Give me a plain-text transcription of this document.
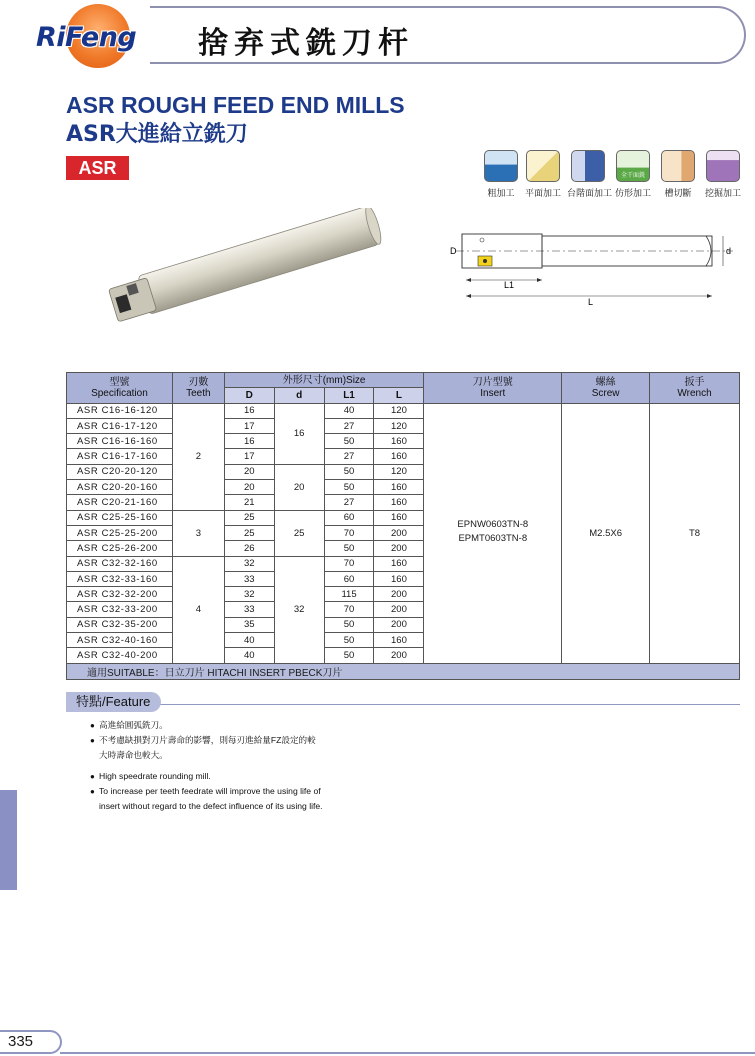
RiFeng 捨弃式銑刀杆
ASR ROUGH FEED END MILLS
ASR大進給立銑刀
ASR
粗加工	平面加工 台階面加工
全干面銑
仿形加工	槽切斷	挖掘加工
D	d
L1
L
型號
Specification	刃數
Teeth	外形尺寸(mm)Size				刀片型號
Insert	螺絲
Screw	扳手
Wrench
		D	d	L1	L			
ASR C16-16-120	2	16	16	40	120	EPNW0603TN-8
EPMT0603TN-8	M2.5X6	T8
ASR C16-17-120		17		27	120			
ASR C16-16-160		16		50	160			
ASR C16-17-160		17		27	160			
ASR C20-20-120		20	20	50	120			
ASR C20-20-160		20		50	160			
ASR C20-21-160		21		27	160			
ASR C25-25-160	3	25	25	60	160			
ASR C25-25-200		25		70	200			
ASR C25-26-200		26		50	200			
ASR C32-32-160	4	32	32	70	160			
ASR C32-33-160		33		60	160			
ASR C32-32-200		32		115	200			
ASR C32-33-200		33		70	200			
ASR C32-35-200		35		50	200			
ASR C32-40-160		40		50	160			
ASR C32-40-200		40		50	200			
適用SUITABLE：日立刀片 HITACHI INSERT PBECK刀片								
特點/Feature
● 高進給圓弧銑刀。
● 不考慮缺損對刀片壽命的影響，則每刃進給量FZ設定的較
大時壽命也較大。
● High speedrate rounding mill.
● To increase per teeth feedrate will improve the using life of
insert without regard to the defect influence of its using life.
335
